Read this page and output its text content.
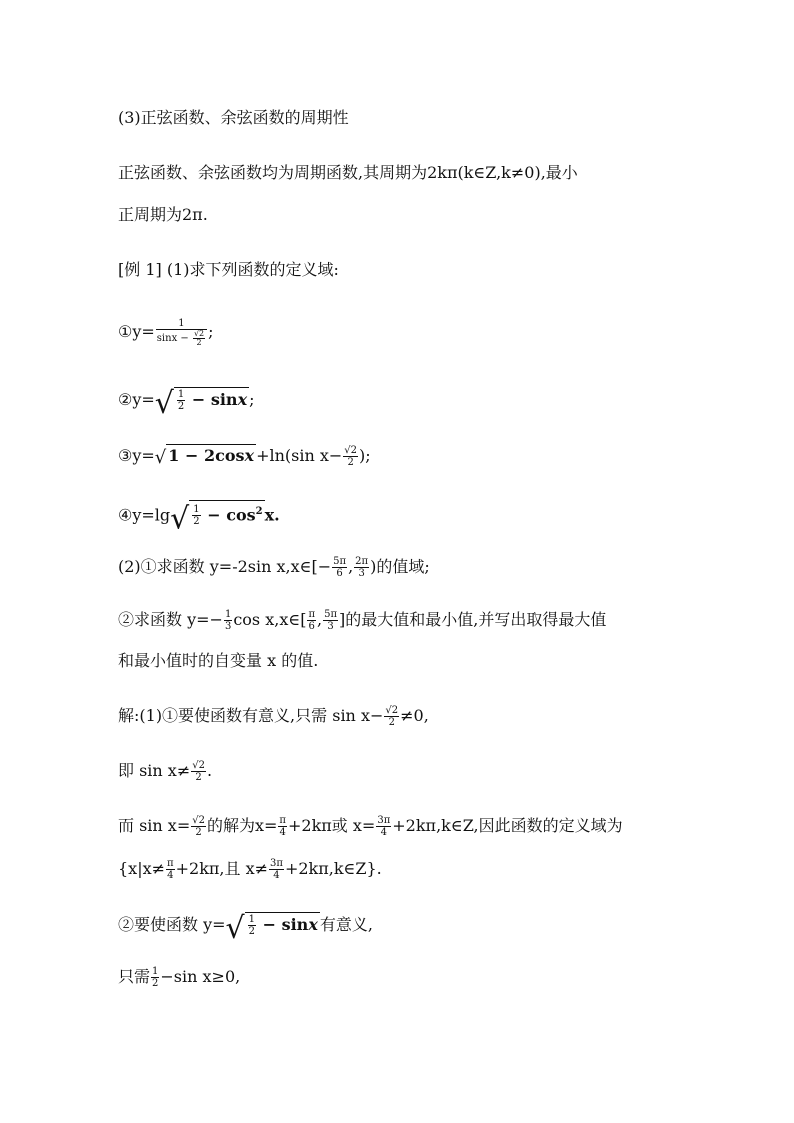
(3)正弦函数、余弦函数的周期性
正弦函数、余弦函数均为周期函数,其周期为2kπ(k∈Z,k≠0),最小
正周期为2π.
[例 1] (1)求下列函数的定义域:
①y= $\frac{1}{\sin x - \frac{√2}{2}}$ ;
②y=√ $\frac{1}{2} - \sin x$ ;
③y=√ 1 − 2cosx +ln(sin $x- \frac{√2}{2}$ );
④y=lg√ $\frac{1}{2} - \cos^2 x$.
(2)①求函数 y=-2sin x,x∈[− $\frac{5\pi}{6}$ , $\frac{2\pi}{3}$ )的值域;
②求函数 $y=- \frac{1}{3}$ cos x,x∈[ $\frac{\pi}{6}$ , $\frac{5\pi}{3}$ ]的最大值和最小值,并写出取得最大值
和最小值时的自变量 x 的值.
解:(1)①要使函数有意义,只需 $\sin x- \frac{√2}{2} \ne 0$,
即 $\sin x\ne \frac{√2}{2}$ .
而 $\sin x= \frac{√2}{2}$ 的解为$x= \frac{\pi}{4} +2k\pi$或 $x= \frac{3\pi}{4}$ +2kπ,k∈Z,因此函数的定义域为
{$x|x\ne \frac{\pi}{4} +2k\pi$,且 $x\ne \frac{3\pi}{4}$ +2kπ,k∈Z}.
②要使函数 $y=√ \frac{1}{2} - \sin x$ 有意义,
只需 $\frac{1}{2} -\sin$ x≥0,
